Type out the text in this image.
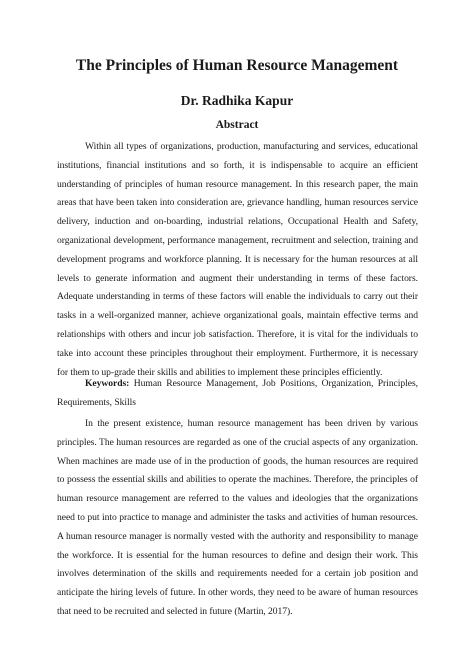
The Principles of Human Resource Management
Dr. Radhika Kapur
Abstract

Within all types of organizations, production, manufacturing and services, educational institutions, financial institutions and so forth, it is indispensable to acquire an efficient understanding of principles of human resource management. In this research paper, the main areas that have been taken into consideration are, grievance handling, human resources service delivery, induction and on-boarding, industrial relations, Occupational Health and Safety, organizational development, performance management, recruitment and selection, training and development programs and workforce planning. It is necessary for the human resources at all levels to generate information and augment their understanding in terms of these factors. Adequate understanding in terms of these factors will enable the individuals to carry out their tasks in a well-organized manner, achieve organizational goals, maintain effective terms and relationships with others and incur job satisfaction. Therefore, it is vital for the individuals to take into account these principles throughout their employment. Furthermore, it is necessary for them to up-grade their skills and abilities to implement these principles efficiently.

Keywords: Human Resource Management, Job Positions, Organization, Principles, Requirements, Skills

In the present existence, human resource management has been driven by various principles. The human resources are regarded as one of the crucial aspects of any organization. When machines are made use of in the production of goods, the human resources are required to possess the essential skills and abilities to operate the machines. Therefore, the principles of human resource management are referred to the values and ideologies that the organizations need to put into practice to manage and administer the tasks and activities of human resources. A human resource manager is normally vested with the authority and responsibility to manage the workforce. It is essential for the human resources to define and design their work. This involves determination of the skills and requirements needed for a certain job position and anticipate the hiring levels of future. In other words, they need to be aware of human resources that need to be recruited and selected in future (Martin, 2017).
